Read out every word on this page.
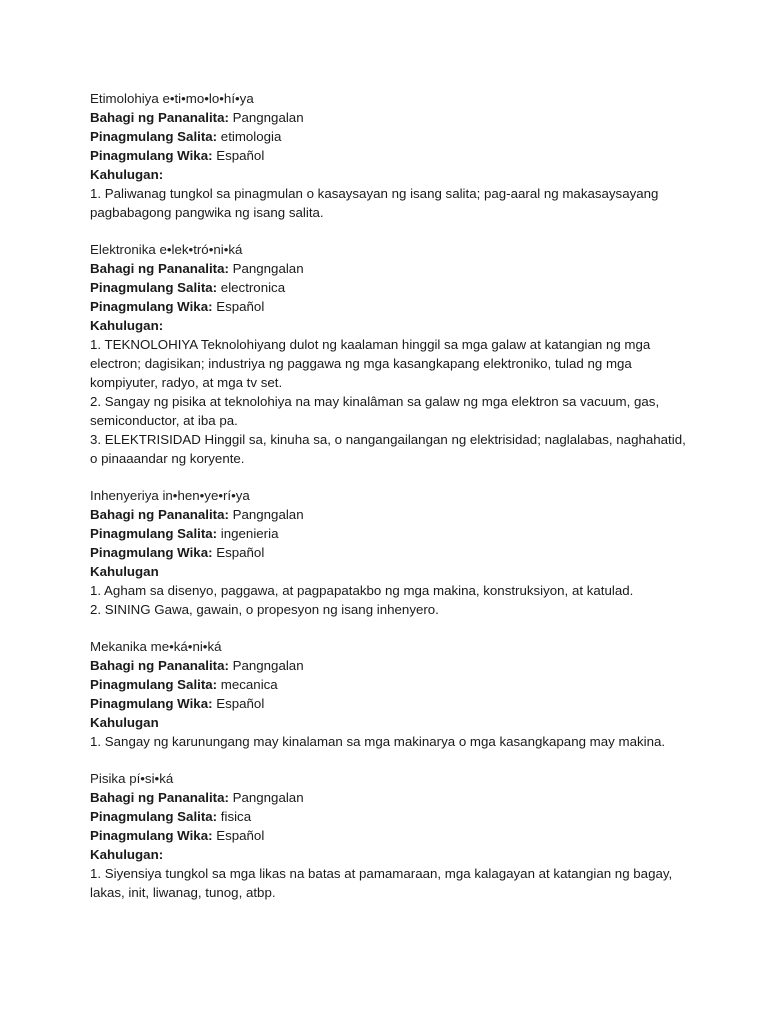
Etimolohiya e•ti•mo•lo•hí•ya
Bahagi ng Pananalita: Pangngalan
Pinagmulang Salita: etimologia
Pinagmulang Wika: Español
Kahulugan:
1. Paliwanag tungkol sa pinagmulan o kasaysayan ng isang salita; pag-aaral ng makasaysayang pagbabagong pangwika ng isang salita.
Elektronika e•lek•tró•ni•ká
Bahagi ng Pananalita: Pangngalan
Pinagmulang Salita: electronica
Pinagmulang Wika: Español
Kahulugan:
1. TEKNOLOHIYA Teknolohiyang dulot ng kaalaman hinggil sa mga galaw at katangian ng mga electron; dagisikan; industriya ng paggawa ng mga kasangkapang elektroniko, tulad ng mga kompiyuter, radyo, at mga tv set.
2. Sangay ng pisika at teknolohiya na may kinalâman sa galaw ng mga elektron sa vacuum, gas, semiconductor, at iba pa.
3. ELEKTRISIDAD Hinggil sa, kinuha sa, o nangangailangan ng elektrisidad; naglalabas, naghahatid, o pinaaandar ng koryente.
Inhenyeriya in•hen•ye•rí•ya
Bahagi ng Pananalita: Pangngalan
Pinagmulang Salita: ingenieria
Pinagmulang Wika: Español
Kahulugan
1. Agham sa disenyo, paggawa, at pagpapatakbo ng mga makina, konstruksiyon, at katulad.
2. SINING Gawa, gawain, o propesyon ng isang inhenyero.
Mekanika me•ká•ni•ká
Bahagi ng Pananalita: Pangngalan
Pinagmulang Salita: mecanica
Pinagmulang Wika: Español
Kahulugan
1. Sangay ng karunungang may kinalaman sa mga makinarya o mga kasangkapang may makina.
Pisika pí•si•ká
Bahagi ng Pananalita: Pangngalan
Pinagmulang Salita: fisica
Pinagmulang Wika: Español
Kahulugan:
1. Siyensiya tungkol sa mga likas na batas at pamamaraan, mga kalagayan at katangian ng bagay, lakas, init, liwanag, tunog, atbp.
